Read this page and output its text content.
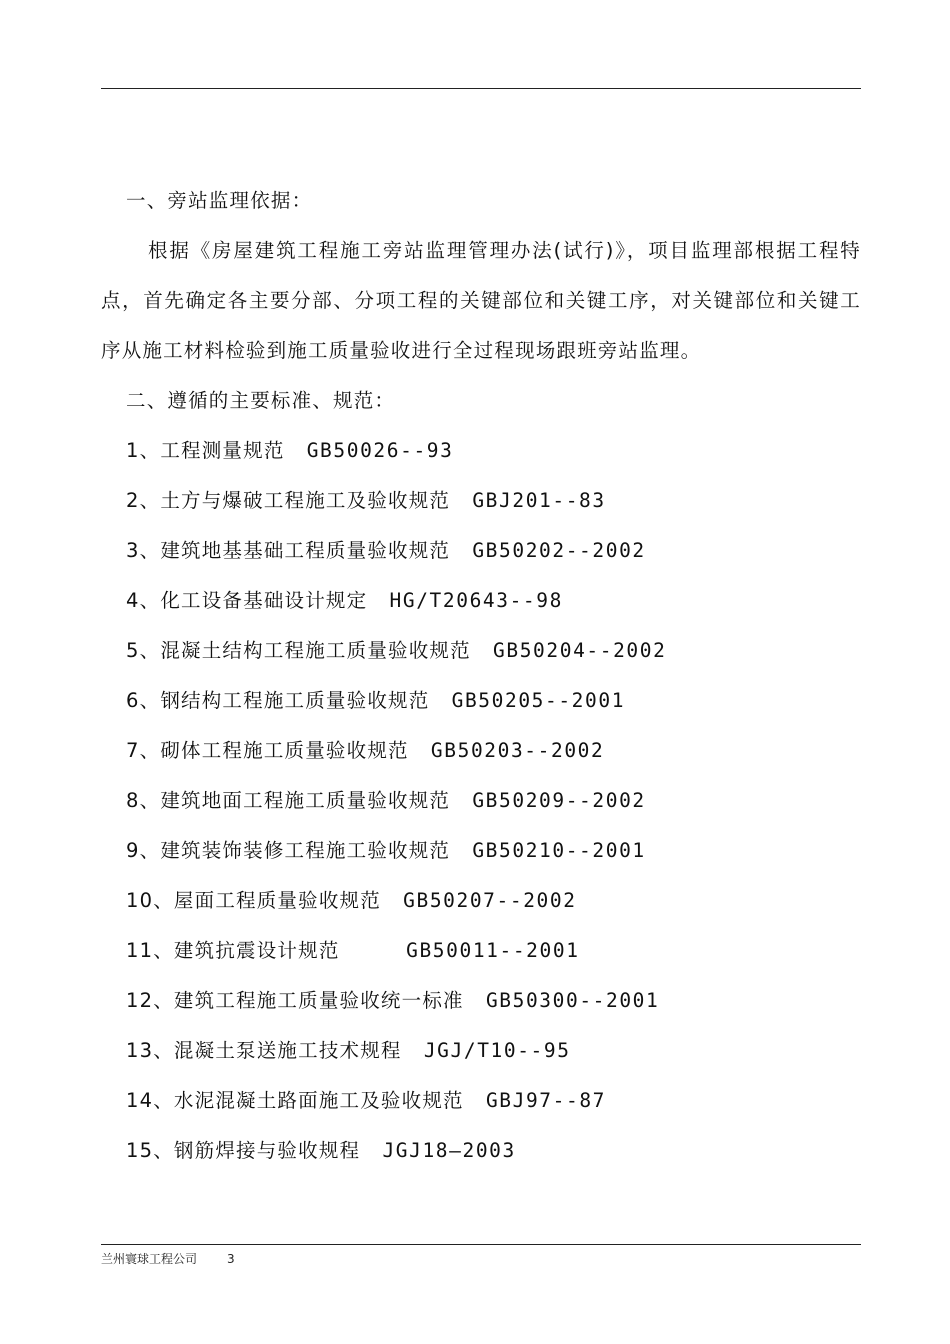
一、旁站监理依据：

根据《房屋建筑工程施工旁站监理管理办法(试行)》，项目监理部根据工程特点，首先确定各主要分部、分项工程的关键部位和关键工序，对关键部位和关键工序从施工材料检验到施工质量验收进行全过程现场跟班旁站监理。

二、遵循的主要标准、规范：
1、工程测量规范 GB50026--93
2、土方与爆破工程施工及验收规范 GBJ201--83
3、建筑地基基础工程质量验收规范 GB50202--2002
4、化工设备基础设计规定 HG/T20643--98
5、混凝土结构工程施工质量验收规范 GB50204--2002
6、钢结构工程施工质量验收规范 GB50205--2001
7、砌体工程施工质量验收规范 GB50203--2002
8、建筑地面工程施工质量验收规范 GB50209--2002
9、建筑装饰装修工程施工验收规范 GB50210--2001
10、屋面工程质量验收规范 GB50207--2002
11、建筑抗震设计规范	GB50011--2001
12、建筑工程施工质量验收统一标准 GB50300--2001
13、混凝土泵送施工技术规程 JGJ/T10--95
14、水泥混凝土路面施工及验收规范 GBJ97--87
15、钢筋焊接与验收规程 JGJ18—2003
兰州寰球工程公司	3
